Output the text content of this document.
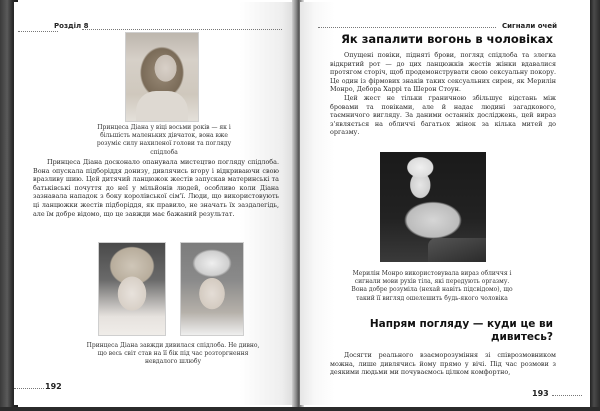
Розділ 8
Принцеса Діана у віці восьми років — як і більшість маленьких дівчаток, вона вже розуміє силу нахиленої голови та погляду спідлоба

Принцеса Діана досконало опанувала мистецтво погляду спідлоба. Вона опускала підборіддя донизу, дивлячись вгору і відкриваючи свою вразливу шию. Цей дитячий ланцюжок жестів запускав материнські та батьківські почуття до неї у мільйонів людей, особливо коли Діана зазнавала нападок з боку королівської сім'ї. Люди, що використовують ці ланцюжки жестів підборіддя, як правило, не значать їх заздалегідь, але їм добре відомо, що це завжди має бажаний результат.

Принцеса Діана завжди дивилася спідлоба. Не дивно, що весь світ став на її бік під час розторгнення невдалого шлюбу
192
Сигнали очей
Як запалити вогонь в чоловіках

Опущені повіки, підняті брови, погляд спідлоба та злегка відкритий рот — до цих ланцюжків жестів жінки вдавалися протягом сторіч, щоб продемонструвати свою сексуальну покору. Це один із фірмових знаків таких сексуальних сирен, як Мерилін Монро, Дебора Харрі та Шерон Стоун.

Цей жест не тільки граничною збільшує відстань між бровами та повіками, але й надає людині загадкового, таємничого вигляду. За даними останніх досліджень, цей вираз з'являється на обличчі багатьох жінок за кілька митей до оргазму.

Мерилін Монро використовувала вираз обличчя і сигнали мови рухів тіла, які передують оргазму. Вона добре розуміла (нехай навіть підсвідомо), що такий її вигляд ошелешить будь-якого чоловіка
Напрям погляду — куди це ви дивитесь?

Досягти реального взаєморозуміння зі співрозмовником можна, лише дивлячись йому прямо у вічі. Під час розмови з деякими людьми ми почуваємось цілком комфортно,

193
